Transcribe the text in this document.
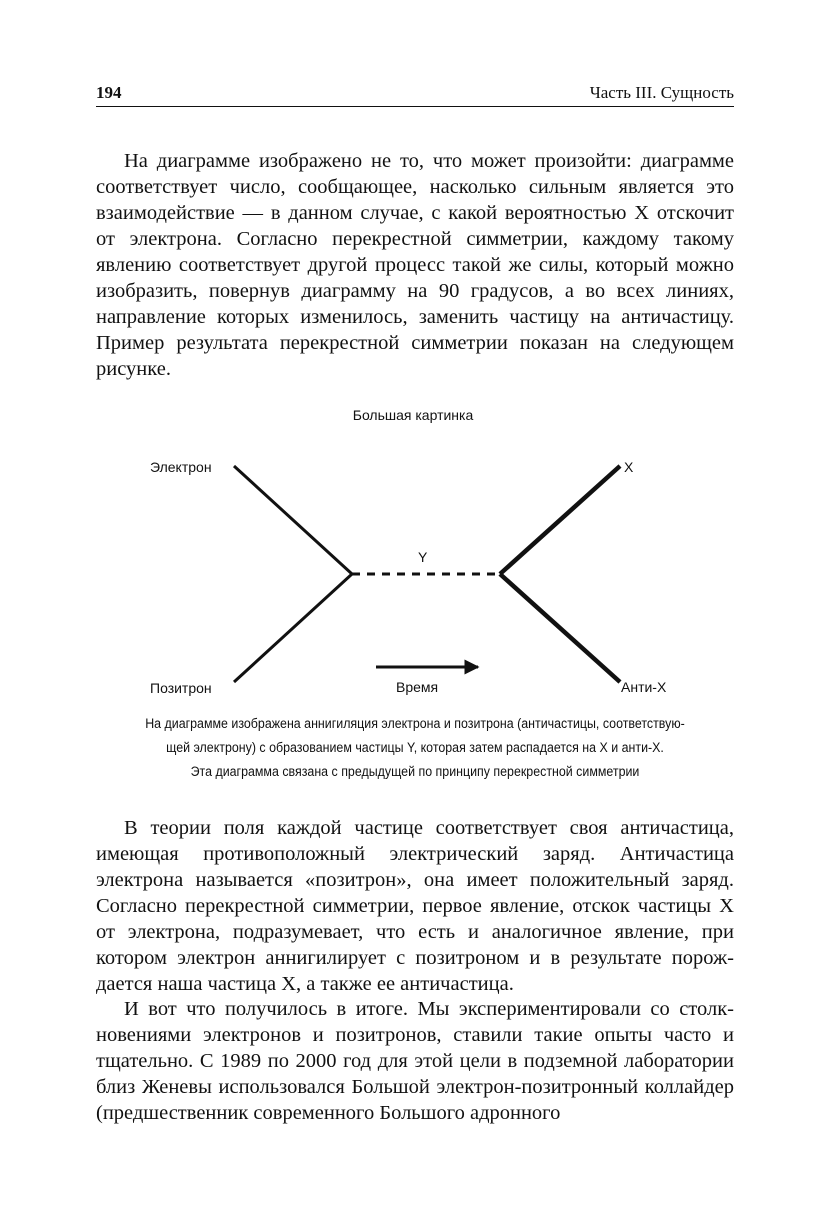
194	Часть III. Сущность

На диаграмме изображено не то, что может произойти: диаграмме соответствует число, сообщающее, насколько сильным является это взаимодействие — в данном случае, с какой вероятностью X отскочит от электрона. Согласно перекрестной симметрии, каждому такому явлению соответствует другой процесс такой же силы, который можно изобразить, повернув диаграмму на 90 градусов, а во всех линиях, направление которых изменилось, заменить частицу на античастицу. Пример результата перекрестной симметрии показан на следующем рисунке.

Большая картинка
Электрон
Позитрон
X
Анти-X
Y
Время
На диаграмме изображена аннигиляция электрона и позитрона (античастицы, соответствую-
щей электрону) с образованием частицы Y, которая затем распадается на X и анти-X.
Эта диаграмма связана с предыдущей по принципу перекрестной симметрии

В теории поля каждой частице соответствует своя античастица, имеющая противоположный электрический заряд. Античастица электрона называется «позитрон», она имеет положительный заряд. Согласно перекрестной симметрии, первое явление, отскок частицы X от электрона, подразумевает, что есть и аналогичное явление, при котором электрон аннигилирует с позитроном и в результате порождается наша частица X, а также ее античастица.

И вот что получилось в итоге. Мы экспериментировали со столкновениями электронов и позитронов, ставили такие опыты часто и тщательно. С 1989 по 2000 год для этой цели в подземной лаборатории близ Женевы использовался Большой электрон-позитронный коллайдер (предшественник современного Большого адронного
